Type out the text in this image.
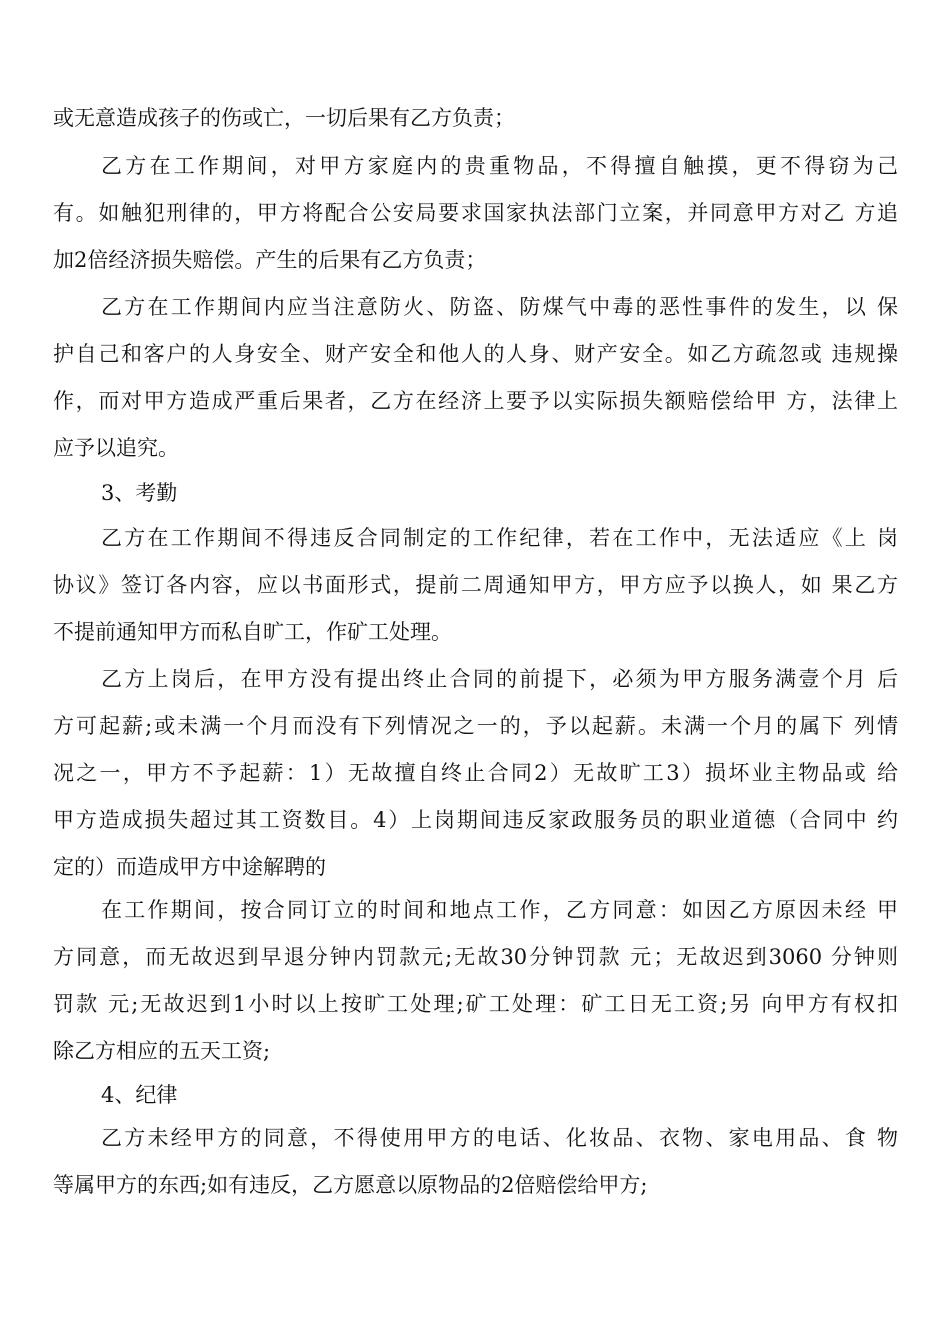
或无意造成孩子的伤或亡，一切后果有乙方负责；
乙方在工作期间，对甲方家庭内的贵重物品，不得擅自触摸，更不得窃为己
有。如触犯刑律的，甲方将配合公安局要求国家执法部门立案，并同意甲方对乙 方追
加2倍经济损失赔偿。产生的后果有乙方负责；
乙方在工作期间内应当注意防火、防盗、防煤气中毒的恶性事件的发生，以 保
护自己和客户的人身安全、财产安全和他人的人身、财产安全。如乙方疏忽或 违规操
作，而对甲方造成严重后果者，乙方在经济上要予以实际损失额赔偿给甲 方，法律上
应予以追究。
3、考勤
乙方在工作期间不得违反合同制定的工作纪律，若在工作中，无法适应《上 岗
协议》签订各内容，应以书面形式，提前二周通知甲方，甲方应予以换人，如 果乙方
不提前通知甲方而私自旷工，作矿工处理。
乙方上岗后，在甲方没有提出终止合同的前提下，必须为甲方服务满壹个月 后
方可起薪;或未满一个月而没有下列情况之一的，予以起薪。未满一个月的属下 列情
况之一，甲方不予起薪：1）无故擅自终止合同2）无故旷工3）损坏业主物品或 给
甲方造成损失超过其工资数目。4）上岗期间违反家政服务员的职业道德（合同中 约
定的）而造成甲方中途解聘的
在工作期间，按合同订立的时间和地点工作，乙方同意：如因乙方原因未经 甲
方同意，而无故迟到早退分钟内罚款元;无故30分钟罚款 元；无故迟到3060 分钟则
罚款 元;无故迟到1小时以上按旷工处理;矿工处理：矿工日无工资;另 向甲方有权扣
除乙方相应的五天工资;
4、纪律
乙方未经甲方的同意，不得使用甲方的电话、化妆品、衣物、家电用品、食 物
等属甲方的东西;如有违反，乙方愿意以原物品的2倍赔偿给甲方;
